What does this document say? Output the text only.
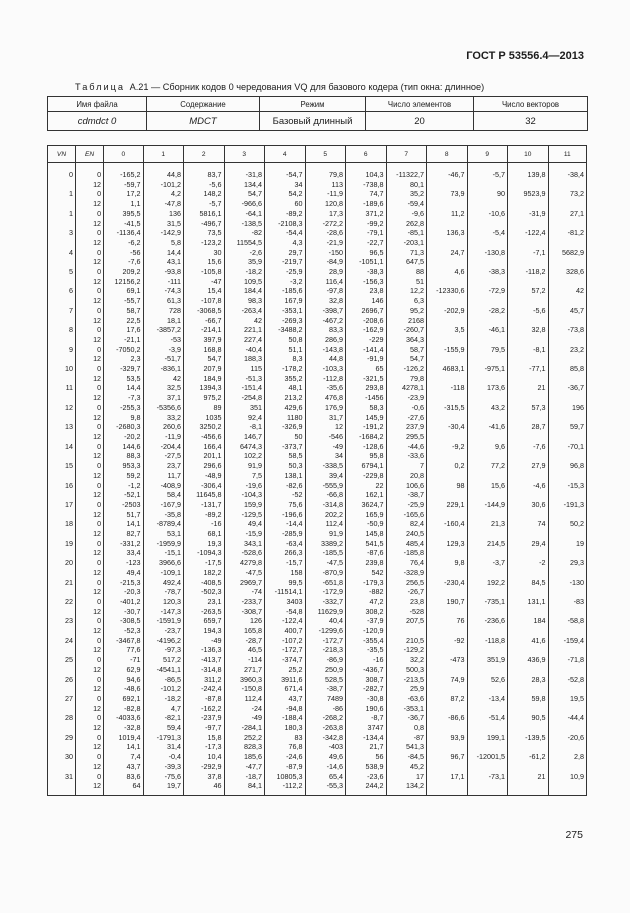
ГОСТ Р 53556.4—2013
Таблица A.21 — Сборник кодов 0 чередования VQ для базового кодера (тип окна: длинное)
Имя файла	Содержание	Режим	Число элементов	Число векторов
cdmdct 0	MDCT	Базовый длинный	20	32
VN	EN	0	1	2	3	4	5	6	7	8	9	10	11
0	0	-165,2	44,8	83,7	-31,8	-54,7	79,8	104,3	-11322,7	-46,7	-5,7	139,8	-38,4
	12	-59,7	-101,2	-5,6	134,4	34	113	-738,8	80,1				
1	0	17,2	4,2	148,2	54,7	54,2	-11,9	74,7	35,2	73,9	90	9523,9	73,2
	12	1,1	-47,8	-5,7	-966,6	60	120,8	-189,6	-59,4				
1	0	395,5	136	5816,1	-64,1	-89,2	17,3	371,2	-9,6	11,2	-10,6	-31,9	27,1
	12	-41,5	31,5	-496,7	-138,5	-2108,3	-272,2	-99,2	262,8				
3	0	-1136,4	-142,9	73,5	-82	-54,4	-28,6	-79,1	-85,1	136,3	-5,4	-122,4	-81,2
	12	-6,2	5,8	-123,2	11554,5	4,3	-21,9	-22,7	-203,1				
4	0	-56	14,4	30	-2,6	29,7	-150	96,5	71,3	24,7	-130,8	-7,1	5682,9
	12	-7,6	43,1	15,6	35,9	-219,7	-84,9	-1051,1	647,5				
5	0	209,2	-93,8	-105,8	-18,2	-25,9	28,9	-38,3	88	4,6	-38,3	-118,2	328,6
	12	12156,2	-111	-47	109,5	-3,2	116,4	-156,3	51				
6	0	69,1	-74,3	15,4	184,4	-185,6	-97,8	23,8	12,2	-12330,6	-72,9	57,2	42
	12	-55,7	61,3	-107,8	98,3	167,9	32,8	146	6,3				
7	0	58,7	728	-3068,5	-263,4	-353,1	-398,7	2696,7	95,2	-202,9	-28,2	-5,6	45,7
	12	22,5	18,1	-66,7	42	-269,3	-467,2	-208,6	2168				
8	0	17,6	-3857,2	-214,1	221,1	-3488,2	83,3	-162,9	-260,7	3,5	-46,1	32,8	-73,8
	12	-21,1	-53	397,9	227,4	50,8	286,9	-229	364,3				
9	0	-7050,2	-3,9	168,8	-40,4	51,1	-143,8	-141,4	58,7	-155,9	79,5	-8,1	23,2
	12	2,3	-51,7	54,7	188,3	8,3	44,8	-91,9	54,7				
10	0	-329,7	-836,1	207,9	115	-178,2	-103,3	65	-126,2	4683,1	-975,1	-77,1	85,8
	12	53,5	42	184,9	-51,3	355,2	-112,8	-321,5	79,8				
11	0	14,4	32,5	1394,3	-151,4	48,1	-35,6	293,8	4278,1	-118	173,6	21	-36,7
	12	-7,3	37,1	975,2	-254,8	213,2	476,8	-1456	-23,9				
12	0	-255,3	-5356,6	89	351	429,6	176,9	58,3	-0,6	-315,5	43,2	57,3	196
	12	9,8	33,2	1035	92,4	1180	31,7	145,9	-27,6				
13	0	-2680,3	260,6	3250,2	-8,1	-326,9	12	-191,2	237,9	-30,4	-41,6	28,7	59,7
	12	-20,2	-11,9	-456,6	146,7	50	-546	-1684,2	295,5				
14	0	144,6	-204,4	166,4	6474,3	-373,7	-49	-128,6	-44,6	-9,2	9,6	-7,6	-70,1
	12	88,3	-27,5	201,1	102,2	58,5	34	95,8	-33,6				
15	0	953,3	23,7	296,6	91,9	50,3	-338,5	6794,1	7	0,2	77,2	27,9	96,8
	12	59,2	11,7	-48,9	7,5	138,1	39,4	-229,8	20,8				
16	0	-1,2	-408,9	-306,4	-19,6	-82,6	-555,9	22	106,6	98	15,6	-4,6	-15,3
	12	-52,1	58,4	11645,8	-104,3	-52	-66,8	162,1	-38,7				
17	0	-2503	-167,9	-131,7	159,9	75,6	-314,8	3624,7	-25,9	229,1	-144,9	30,6	-191,3
	12	51,7	-35,8	-89,2	-129,5	-196,6	202,2	165,9	-165,6				
18	0	14,1	-8789,4	-16	49,4	-14,4	112,4	-50,9	82,4	-160,4	21,3	74	50,2
	12	82,7	53,1	68,1	-15,9	-285,9	91,9	145,8	240,5				
19	0	-331,2	-1959,9	19,3	343,1	-63,4	3389,2	541,5	485,4	129,3	214,5	29,4	19
	12	33,4	-15,1	-1094,3	-528,6	266,3	-185,5	-87,6	-185,8				
20	0	-123	3966,6	-17,5	4279,8	-15,7	-47,5	239,8	76,4	9,8	-3,7	-2	29,3
	12	49,4	-109,1	182,2	-47,5	158	-870,9	542	-328,9				
21	0	-215,3	492,4	-408,5	2969,7	99,5	-651,8	-179,3	256,5	-230,4	192,2	84,5	-130
	12	-20,3	-78,7	-502,3	-74	-11514,1	-172,9	-882	-26,7				
22	0	-401,2	120,3	23,1	-233,7	3403	-332,7	47,2	23,8	190,7	-735,1	131,1	-83
	12	-30,7	-147,3	-263,5	-308,7	-54,8	11629,9	308,2	-528				
23	0	-308,5	-1591,9	659,7	126	-122,4	40,4	-37,9	207,5	76	-236,6	184	-58,8
	12	-52,3	-23,7	194,3	165,8	400,7	-1299,6	-120,9					
24	0	-3467,8	-4196,2	-49	-28,7	-107,2	-172,7	-355,4	210,5	-92	-118,8	41,6	-159,4
	12	77,6	-97,3	-136,3	46,5	-172,7	-218,3	-35,5	-129,2				
25	0	-71	517,2	-413,7	-114	-374,7	-86,9	-16	32,2	-473	351,9	436,9	-71,8
	12	62,9	-4541,1	-314,8	271,7	25,2	250,9	-436,7	500,3				
26	0	94,6	-86,5	311,2	3960,3	3911,6	528,5	308,7	-213,5	74,9	52,6	28,3	-52,8
	12	-48,6	-101,2	-242,4	-150,8	671,4	-38,7	-282,7	25,9				
27	0	692,1	-18,2	-87,8	112,4	43,7	7489	-30,8	-63,6	87,2	-13,4	59,8	19,5
	12	-82,8	4,7	-162,2	-24	-94,8	-86	190,6	-353,1				
28	0	-4033,6	-82,1	-237,9	-49	-188,4	-268,2	-8,7	-36,7	-86,6	-51,4	90,5	-44,4
	12	-32,8	59,4	-97,7	-284,1	180,3	-263,8	3747	0,8				
29	0	1019,4	-1791,3	15,8	252,2	83	-342,8	-134,4	-87	93,9	199,1	-139,5	-20,6
	12	14,1	31,4	-17,3	828,3	76,8	-403	21,7	541,3				
30	0	7,4	-0,4	10,4	185,6	-24,6	49,6	56	-84,5	96,7	-12001,5	-61,2	2,8
	12	43,7	-39,3	-292,9	-47,7	-87,9	-14,6	538,9	45,2				
31	0	83,6	-75,6	37,8	-18,7	10805,3	65,4	-23,6	17	17,1	-73,1	21	10,9
	12	64	19,7	46	84,1	-112,2	-55,3	244,2	134,2				
275
